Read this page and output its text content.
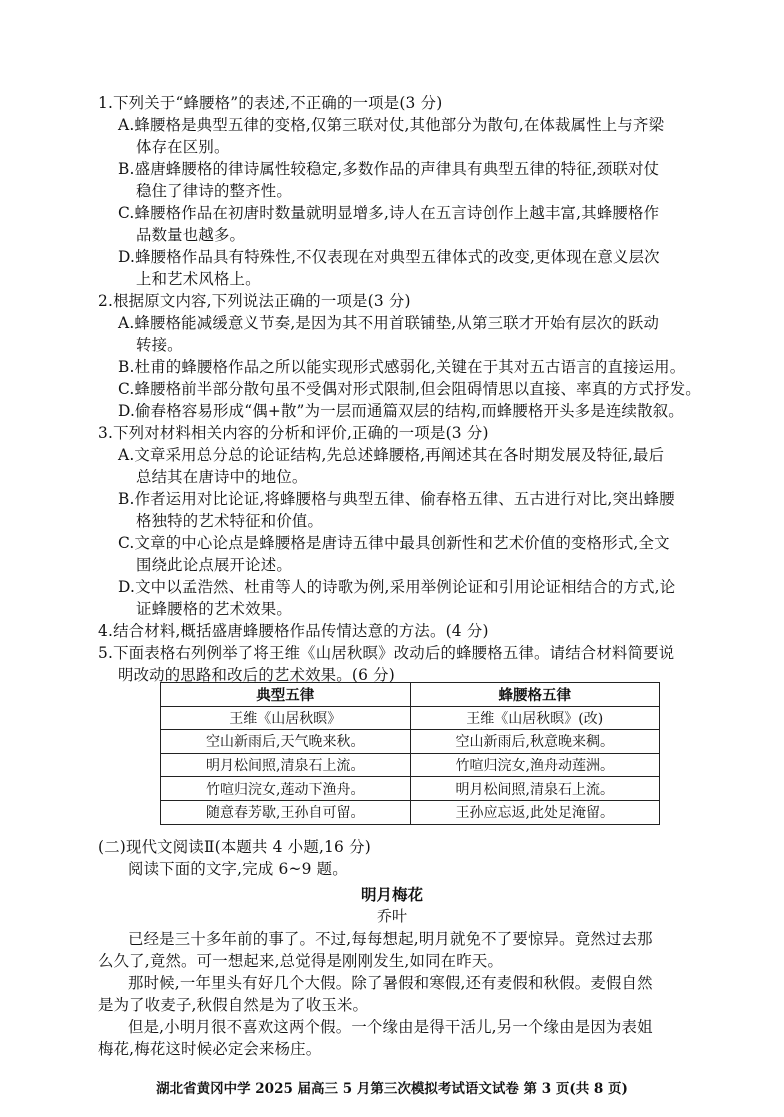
1.下列关于“蜂腰格”的表述,不正确的一项是(3 分)
A.蜂腰格是典型五律的变格,仅第三联对仗,其他部分为散句,在体裁属性上与齐梁
体存在区别。
B.盛唐蜂腰格的律诗属性较稳定,多数作品的声律具有典型五律的特征,颈联对仗
稳住了律诗的整齐性。
C.蜂腰格作品在初唐时数量就明显增多,诗人在五言诗创作上越丰富,其蜂腰格作
品数量也越多。
D.蜂腰格作品具有特殊性,不仅表现在对典型五律体式的改变,更体现在意义层次
上和艺术风格上。
2.根据原文内容,下列说法正确的一项是(3 分)
A.蜂腰格能减缓意义节奏,是因为其不用首联铺垫,从第三联才开始有层次的跃动
转接。
B.杜甫的蜂腰格作品之所以能实现形式感弱化,关键在于其对五古语言的直接运用。
C.蜂腰格前半部分散句虽不受偶对形式限制,但会阻碍情思以直接、率真的方式抒发。
D.偷春格容易形成“偶+散”为一层而通篇双层的结构,而蜂腰格开头多是连续散叙。
3.下列对材料相关内容的分析和评价,正确的一项是(3 分)
A.文章采用总分总的论证结构,先总述蜂腰格,再阐述其在各时期发展及特征,最后
总结其在唐诗中的地位。
B.作者运用对比论证,将蜂腰格与典型五律、偷春格五律、五古进行对比,突出蜂腰
格独特的艺术特征和价值。
C.文章的中心论点是蜂腰格是唐诗五律中最具创新性和艺术价值的变格形式,全文
围绕此论点展开论述。
D.文中以孟浩然、杜甫等人的诗歌为例,采用举例论证和引用论证相结合的方式,论
证蜂腰格的艺术效果。
4.结合材料,概括盛唐蜂腰格作品传情达意的方法。(4 分)
5.下面表格右列例举了将王维《山居秋暝》改动后的蜂腰格五律。请结合材料简要说
明改动的思路和改后的艺术效果。(6 分)
典型五律	蜂腰格五律
王维《山居秋暝》	王维《山居秋暝》(改)
空山新雨后,天气晚来秋。	空山新雨后,秋意晚来稠。
明月松间照,清泉石上流。	竹喧归浣女,渔舟动莲洲。
竹喧归浣女,莲动下渔舟。	明月松间照,清泉石上流。
随意春芳歇,王孙自可留。	王孙应忘返,此处足淹留。
(二)现代文阅读Ⅱ(本题共 4 小题,16 分)
阅读下面的文字,完成 6~9 题。
明月梅花
乔叶
已经是三十多年前的事了。不过,每每想起,明月就免不了要惊异。竟然过去那
么久了,竟然。可一想起来,总觉得是刚刚发生,如同在昨天。
那时候,一年里头有好几个大假。除了暑假和寒假,还有麦假和秋假。麦假自然
是为了收麦子,秋假自然是为了收玉米。
但是,小明月很不喜欢这两个假。一个缘由是得干活儿,另一个缘由是因为表姐
梅花,梅花这时候必定会来杨庄。
湖北省黄冈中学 2025 届高三 5 月第三次模拟考试语文试卷 第 3 页(共 8 页)
